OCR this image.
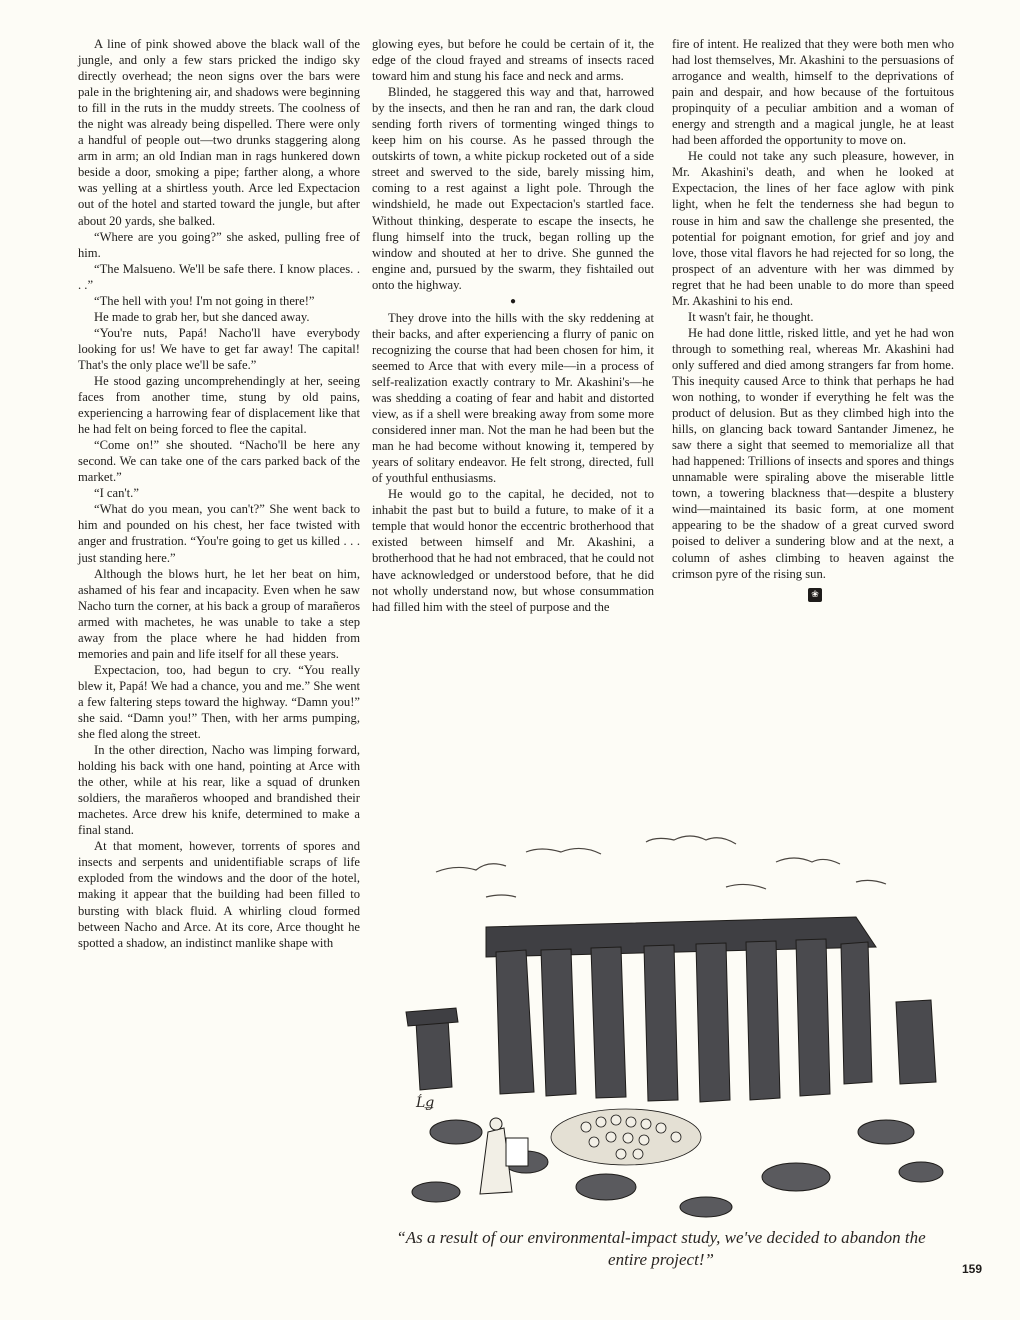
A line of pink showed above the black wall of the jungle, and only a few stars pricked the indigo sky directly overhead; the neon signs over the bars were pale in the brightening air, and shadows were beginning to fill in the ruts in the muddy streets. The coolness of the night was already being dispelled. There were only a handful of people out—two drunks staggering along arm in arm; an old Indian man in rags hunkered down beside a door, smoking a pipe; farther along, a whore was yelling at a shirtless youth. Arce led Expectacion out of the hotel and started toward the jungle, but after about 20 yards, she balked.

“Where are you going?” she asked, pulling free of him.

“The Malsueno. We'll be safe there. I know places. . . .”

“The hell with you! I'm not going in there!”

He made to grab her, but she danced away.

“You're nuts, Papá! Nacho'll have everybody looking for us! We have to get far away! The capital! That's the only place we'll be safe.”

He stood gazing uncomprehendingly at her, seeing faces from another time, stung by old pains, experiencing a harrowing fear of displacement like that he had felt on being forced to flee the capital.

“Come on!” she shouted. “Nacho'll be here any second. We can take one of the cars parked back of the market.”

“I can't.”

“What do you mean, you can't?” She went back to him and pounded on his chest, her face twisted with anger and frustration. “You're going to get us killed . . . just standing here.”

Although the blows hurt, he let her beat on him, ashamed of his fear and incapacity. Even when he saw Nacho turn the corner, at his back a group of marañeros armed with machetes, he was unable to take a step away from the place where he had hidden from memories and pain and life itself for all these years.

Expectacion, too, had begun to cry. “You really blew it, Papá! We had a chance, you and me.” She went a few faltering steps toward the highway. “Damn you!” she said. “Damn you!” Then, with her arms pumping, she fled along the street.

In the other direction, Nacho was limping forward, holding his back with one hand, pointing at Arce with the other, while at his rear, like a squad of drunken soldiers, the marañeros whooped and brandished their machetes. Arce drew his knife, determined to make a final stand.

At that moment, however, torrents of spores and insects and serpents and unidentifiable scraps of life exploded from the windows and the door of the hotel, making it appear that the building had been filled to bursting with black fluid. A whirling cloud formed between Nacho and Arce. At its core, Arce thought he spotted a shadow, an indistinct manlike shape with

glowing eyes, but before he could be certain of it, the edge of the cloud frayed and streams of insects raced toward him and stung his face and neck and arms.

Blinded, he staggered this way and that, harrowed by the insects, and then he ran and ran, the dark cloud sending forth rivers of tormenting winged things to keep him on his course. As he passed through the outskirts of town, a white pickup rocketed out of a side street and swerved to the side, barely missing him, coming to a rest against a light pole. Through the windshield, he made out Expectacion's startled face. Without thinking, desperate to escape the insects, he flung himself into the truck, began rolling up the window and shouted at her to drive. She gunned the engine and, pursued by the swarm, they fishtailed out onto the highway.

●

They drove into the hills with the sky reddening at their backs, and after experiencing a flurry of panic on recognizing the course that had been chosen for him, it seemed to Arce that with every mile—in a process of self-realization exactly contrary to Mr. Akashini's—he was shedding a coating of fear and habit and distorted view, as if a shell were breaking away from some more considered inner man. Not the man he had been but the man he had become without knowing it, tempered by years of solitary endeavor. He felt strong, directed, full of youthful enthusiasms.

He would go to the capital, he decided, not to inhabit the past but to build a future, to make of it a temple that would honor the eccentric brotherhood that existed between himself and Mr. Akashini, a brotherhood that he had not embraced, that he could not have acknowledged or understood before, that he did not wholly understand now, but whose consummation had filled him with the steel of purpose and the

fire of intent. He realized that they were both men who had lost themselves, Mr. Akashini to the persuasions of arrogance and wealth, himself to the deprivations of pain and despair, and how because of the fortuitous propinquity of a peculiar ambition and a woman of energy and strength and a magical jungle, he at least had been afforded the opportunity to move on.

He could not take any such pleasure, however, in Mr. Akashini's death, and when he looked at Expectacion, the lines of her face aglow with pink light, when he felt the tenderness she had begun to rouse in him and saw the challenge she presented, the potential for poignant emotion, for grief and joy and love, those vital flavors he had rejected for so long, the prospect of an adventure with her was dimmed by regret that he had been unable to do more than speed Mr. Akashini to his end.

It wasn't fair, he thought.

He had done little, risked little, and yet he had won through to something real, whereas Mr. Akashini had only suffered and died among strangers far from home. This inequity caused Arce to think that perhaps he had won nothing, to wonder if everything he felt was the product of delusion. But as they climbed high into the hills, on glancing back toward Santander Jimenez, he saw there a sight that seemed to memorialize all that had happened: Trillions of insects and spores and things unnamable were spiraling above the miserable little town, a towering blackness that—despite a blustery wind—maintained its basic form, at one moment appearing to be the shadow of a great curved sword poised to deliver a sundering blow and at the next, a column of ashes climbing to heaven against the crimson pyre of the rising sun.

❀
Ĺǥ
“As a result of our environmental-impact study, we've decided to abandon the entire project!”	159
